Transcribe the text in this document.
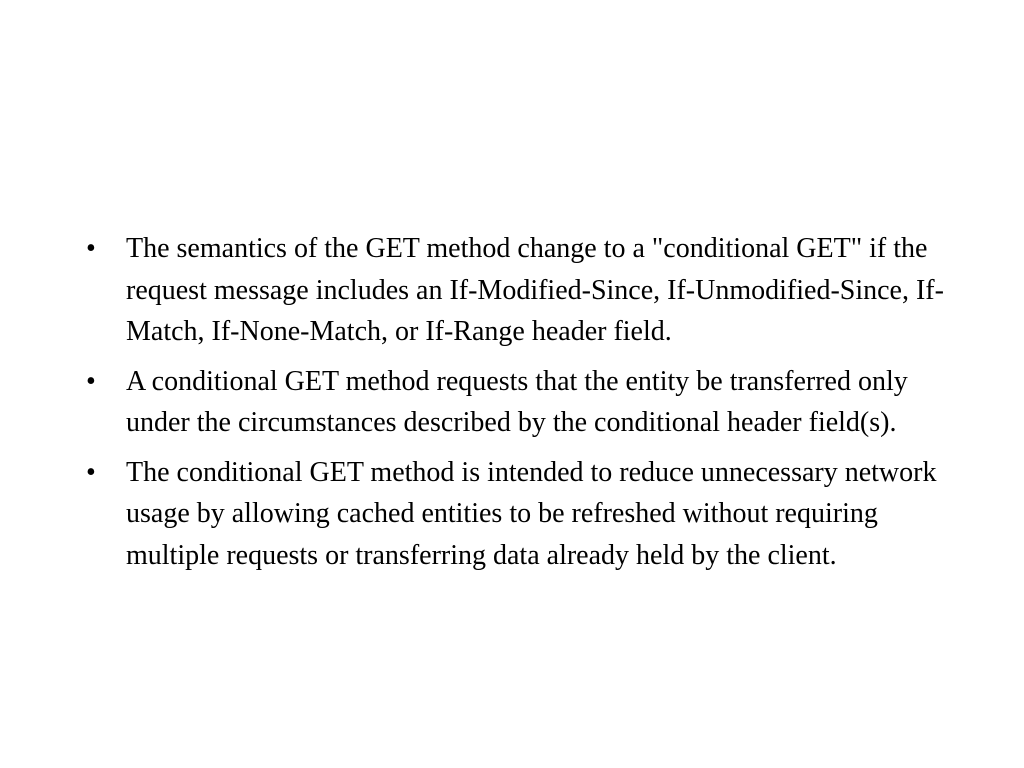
•	The semantics of the GET method change to a "conditional GET" if the request message includes an If-Modified-Since, If-Unmodified-Since, If-Match, If-None-Match, or If-Range header field.
•	A conditional GET method requests that the entity be transferred only under the circumstances described by the conditional header field(s).
•	The conditional GET method is intended to reduce unnecessary network usage by allowing cached entities to be refreshed without requiring multiple requests or transferring data already held by the client.
